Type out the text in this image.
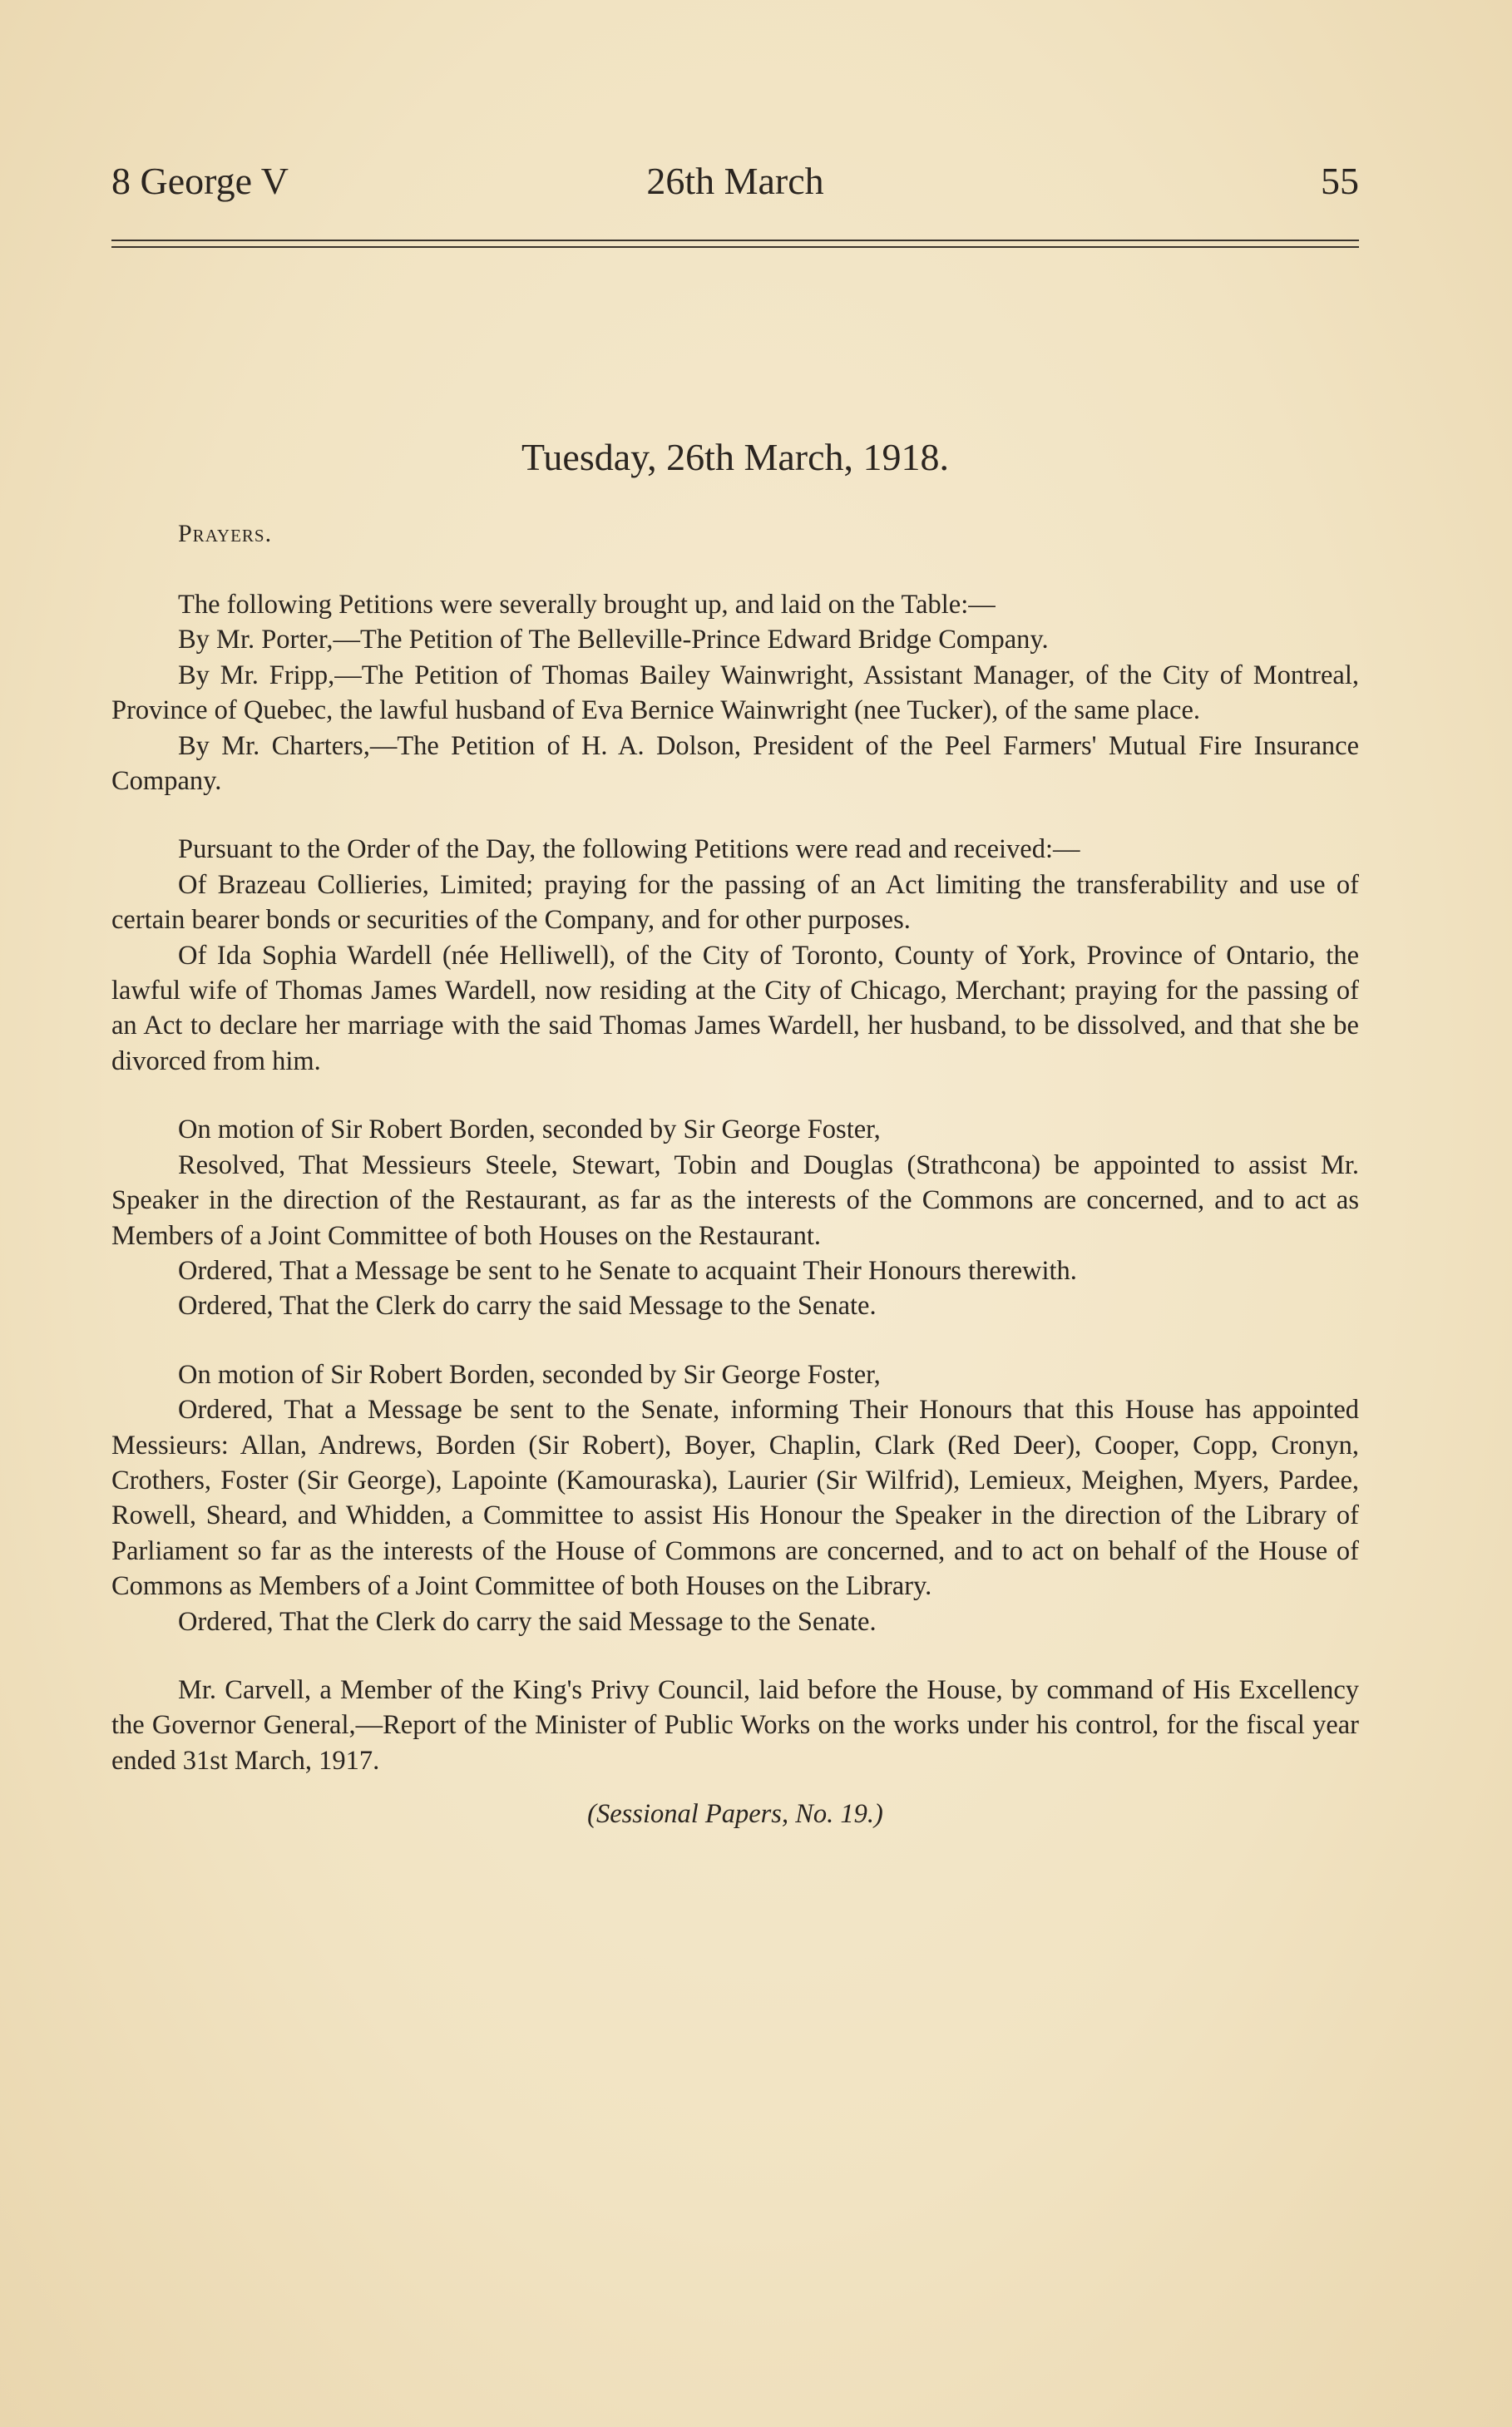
8 George V	26th March	55
Tuesday, 26th March, 1918.
Prayers.

The following Petitions were severally brought up, and laid on the Table:—

By Mr. Porter,—The Petition of The Belleville-Prince Edward Bridge Company.

By Mr. Fripp,—The Petition of Thomas Bailey Wainwright, Assistant Manager, of the City of Montreal, Province of Quebec, the lawful husband of Eva Bernice Wainwright (nee Tucker), of the same place.

By Mr. Charters,—The Petition of H. A. Dolson, President of the Peel Farmers' Mutual Fire Insurance Company.

Pursuant to the Order of the Day, the following Petitions were read and received:—

Of Brazeau Collieries, Limited; praying for the passing of an Act limiting the transferability and use of certain bearer bonds or securities of the Company, and for other purposes.

Of Ida Sophia Wardell (née Helliwell), of the City of Toronto, County of York, Province of Ontario, the lawful wife of Thomas James Wardell, now residing at the City of Chicago, Merchant; praying for the passing of an Act to declare her marriage with the said Thomas James Wardell, her husband, to be dissolved, and that she be divorced from him.

On motion of Sir Robert Borden, seconded by Sir George Foster,

Resolved, That Messieurs Steele, Stewart, Tobin and Douglas (Strathcona) be appointed to assist Mr. Speaker in the direction of the Restaurant, as far as the interests of the Commons are concerned, and to act as Members of a Joint Committee of both Houses on the Restaurant.

Ordered, That a Message be sent to he Senate to acquaint Their Honours therewith.

Ordered, That the Clerk do carry the said Message to the Senate.

On motion of Sir Robert Borden, seconded by Sir George Foster,

Ordered, That a Message be sent to the Senate, informing Their Honours that this House has appointed Messieurs: Allan, Andrews, Borden (Sir Robert), Boyer, Chaplin, Clark (Red Deer), Cooper, Copp, Cronyn, Crothers, Foster (Sir George), Lapointe (Kamouraska), Laurier (Sir Wilfrid), Lemieux, Meighen, Myers, Pardee, Rowell, Sheard, and Whidden, a Committee to assist His Honour the Speaker in the direction of the Library of Parliament so far as the interests of the House of Commons are concerned, and to act on behalf of the House of Commons as Members of a Joint Committee of both Houses on the Library.

Ordered, That the Clerk do carry the said Message to the Senate.

Mr. Carvell, a Member of the King's Privy Council, laid before the House, by command of His Excellency the Governor General,—Report of the Minister of Public Works on the works under his control, for the fiscal year ended 31st March, 1917.

(Sessional Papers, No. 19.)
